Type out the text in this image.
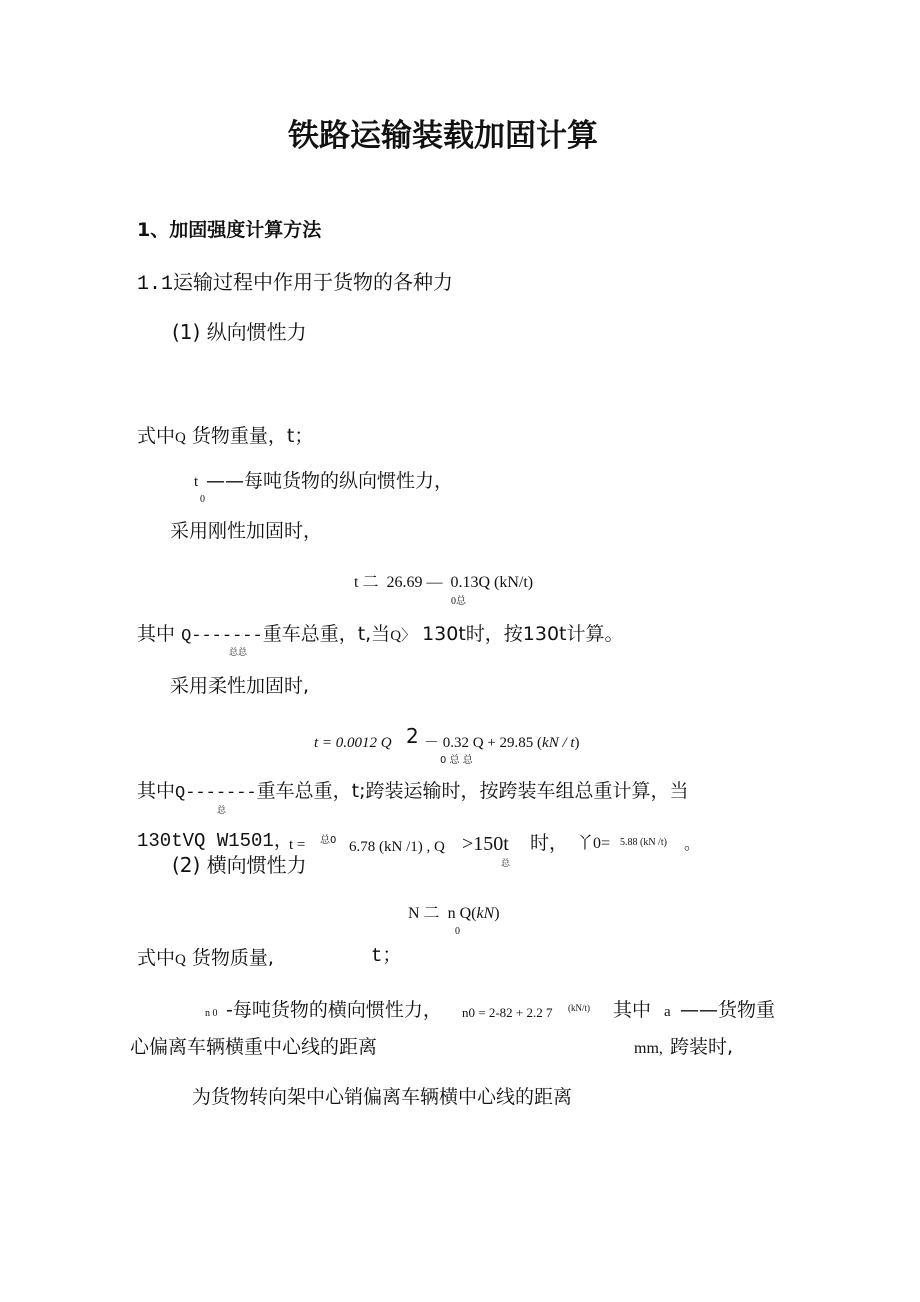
铁路运输装载加固计算
1、加固强度计算方法
1.1运输过程中作用于货物的各种力
(1) 纵向惯性力
式中Q 货物重量，t；
t
0
——每吨货物的纵向惯性力，
采用刚性加固时，
t 二 26.69 — 0.13Q (kN/t)
0总
其中 Q-------重车总重，t,当Q〉 130t时，按130t计算。
总总
采用柔性加固时,
t = 0.0012 Q 2 － 0.32 Q + 29.85 (kN / t)
0 总 总
其中Q-------重车总重，t;跨装运输时，按跨装车组总重计算，当
总
130tVQ W1501，
t = 总0 6.78 (kN /1) , Q >150t
总
时， 丫0= 5.88 (kN /t) 。
(2) 横向惯性力
N 二 n Q(kN)
0
式中Q 货物质量,	t；
n 0 -每吨货物的横向惯性力， n0 = 2-82 + 2.2 7 (kN/t) 其中 a ——货物重
心偏离车辆横重中心线的距离	mm, 跨装时,
为货物转向架中心销偏离车辆横中心线的距离
